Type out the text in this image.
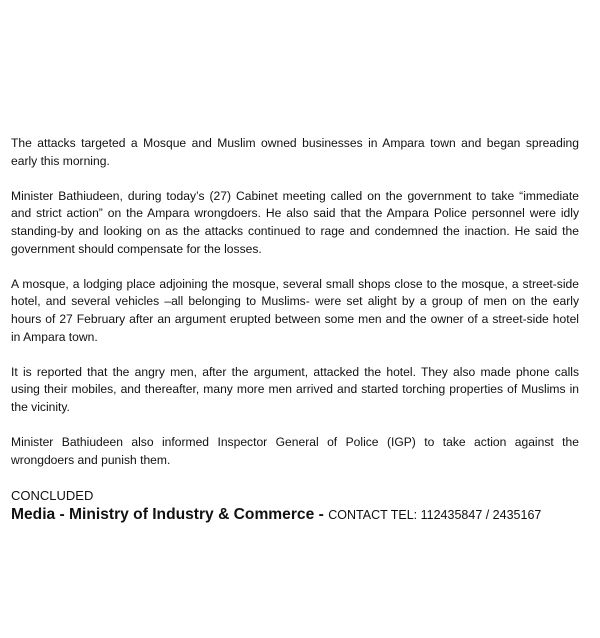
The attacks targeted a Mosque and Muslim owned businesses in Ampara town and began spreading early this morning.

Minister Bathiudeen, during today’s (27) Cabinet meeting called on the government to take “immediate and strict action” on the Ampara wrongdoers. He also said that the Ampara Police personnel were idly standing-by and looking on as the attacks continued to rage and condemned the inaction. He said the government should compensate for the losses.

A mosque, a lodging place adjoining the mosque, several small shops close to the mosque, a street-side hotel, and several vehicles –all belonging to Muslims- were set alight by a group of men on the early hours of 27 February after an argument erupted between some men and the owner of a street-side hotel in Ampara town.

It is reported that the angry men, after the argument, attacked the hotel. They also made phone calls using their mobiles, and thereafter, many more men arrived and started torching properties of Muslims in the vicinity.

Minister Bathiudeen also informed Inspector General of Police (IGP) to take action against the wrongdoers and punish them.

CONCLUDED

Media - Ministry of Industry & Commerce - CONTACT TEL: 112435847 / 2435167
